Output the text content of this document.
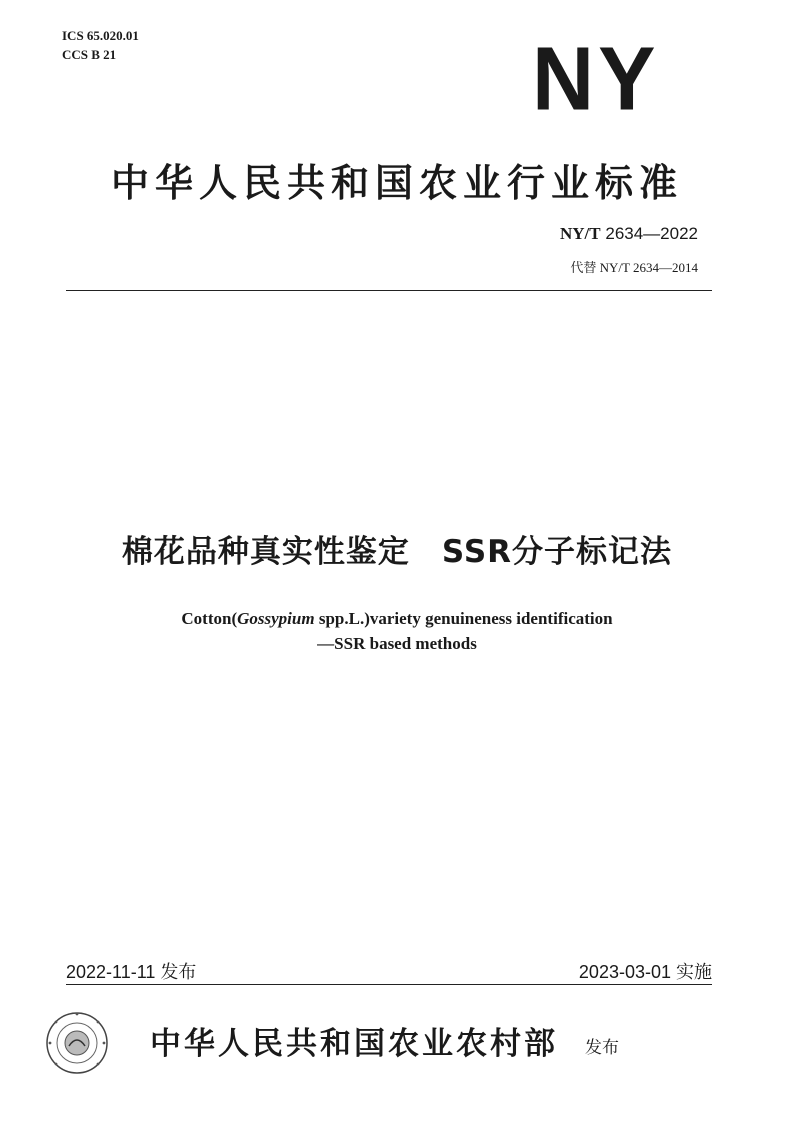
ICS 65.020.01
CCS B 21	NY
中华人民共和国农业行业标准
NY/T 2634—2022
代替 NY/T 2634—2014
棉花品种真实性鉴定　SSR分子标记法
Cotton(Gossypium spp.L.)variety genuineness identification
—SSR based methods
2022-11-11 发布	2023-03-01 实施
中华人民共和国农业农村部 发布
